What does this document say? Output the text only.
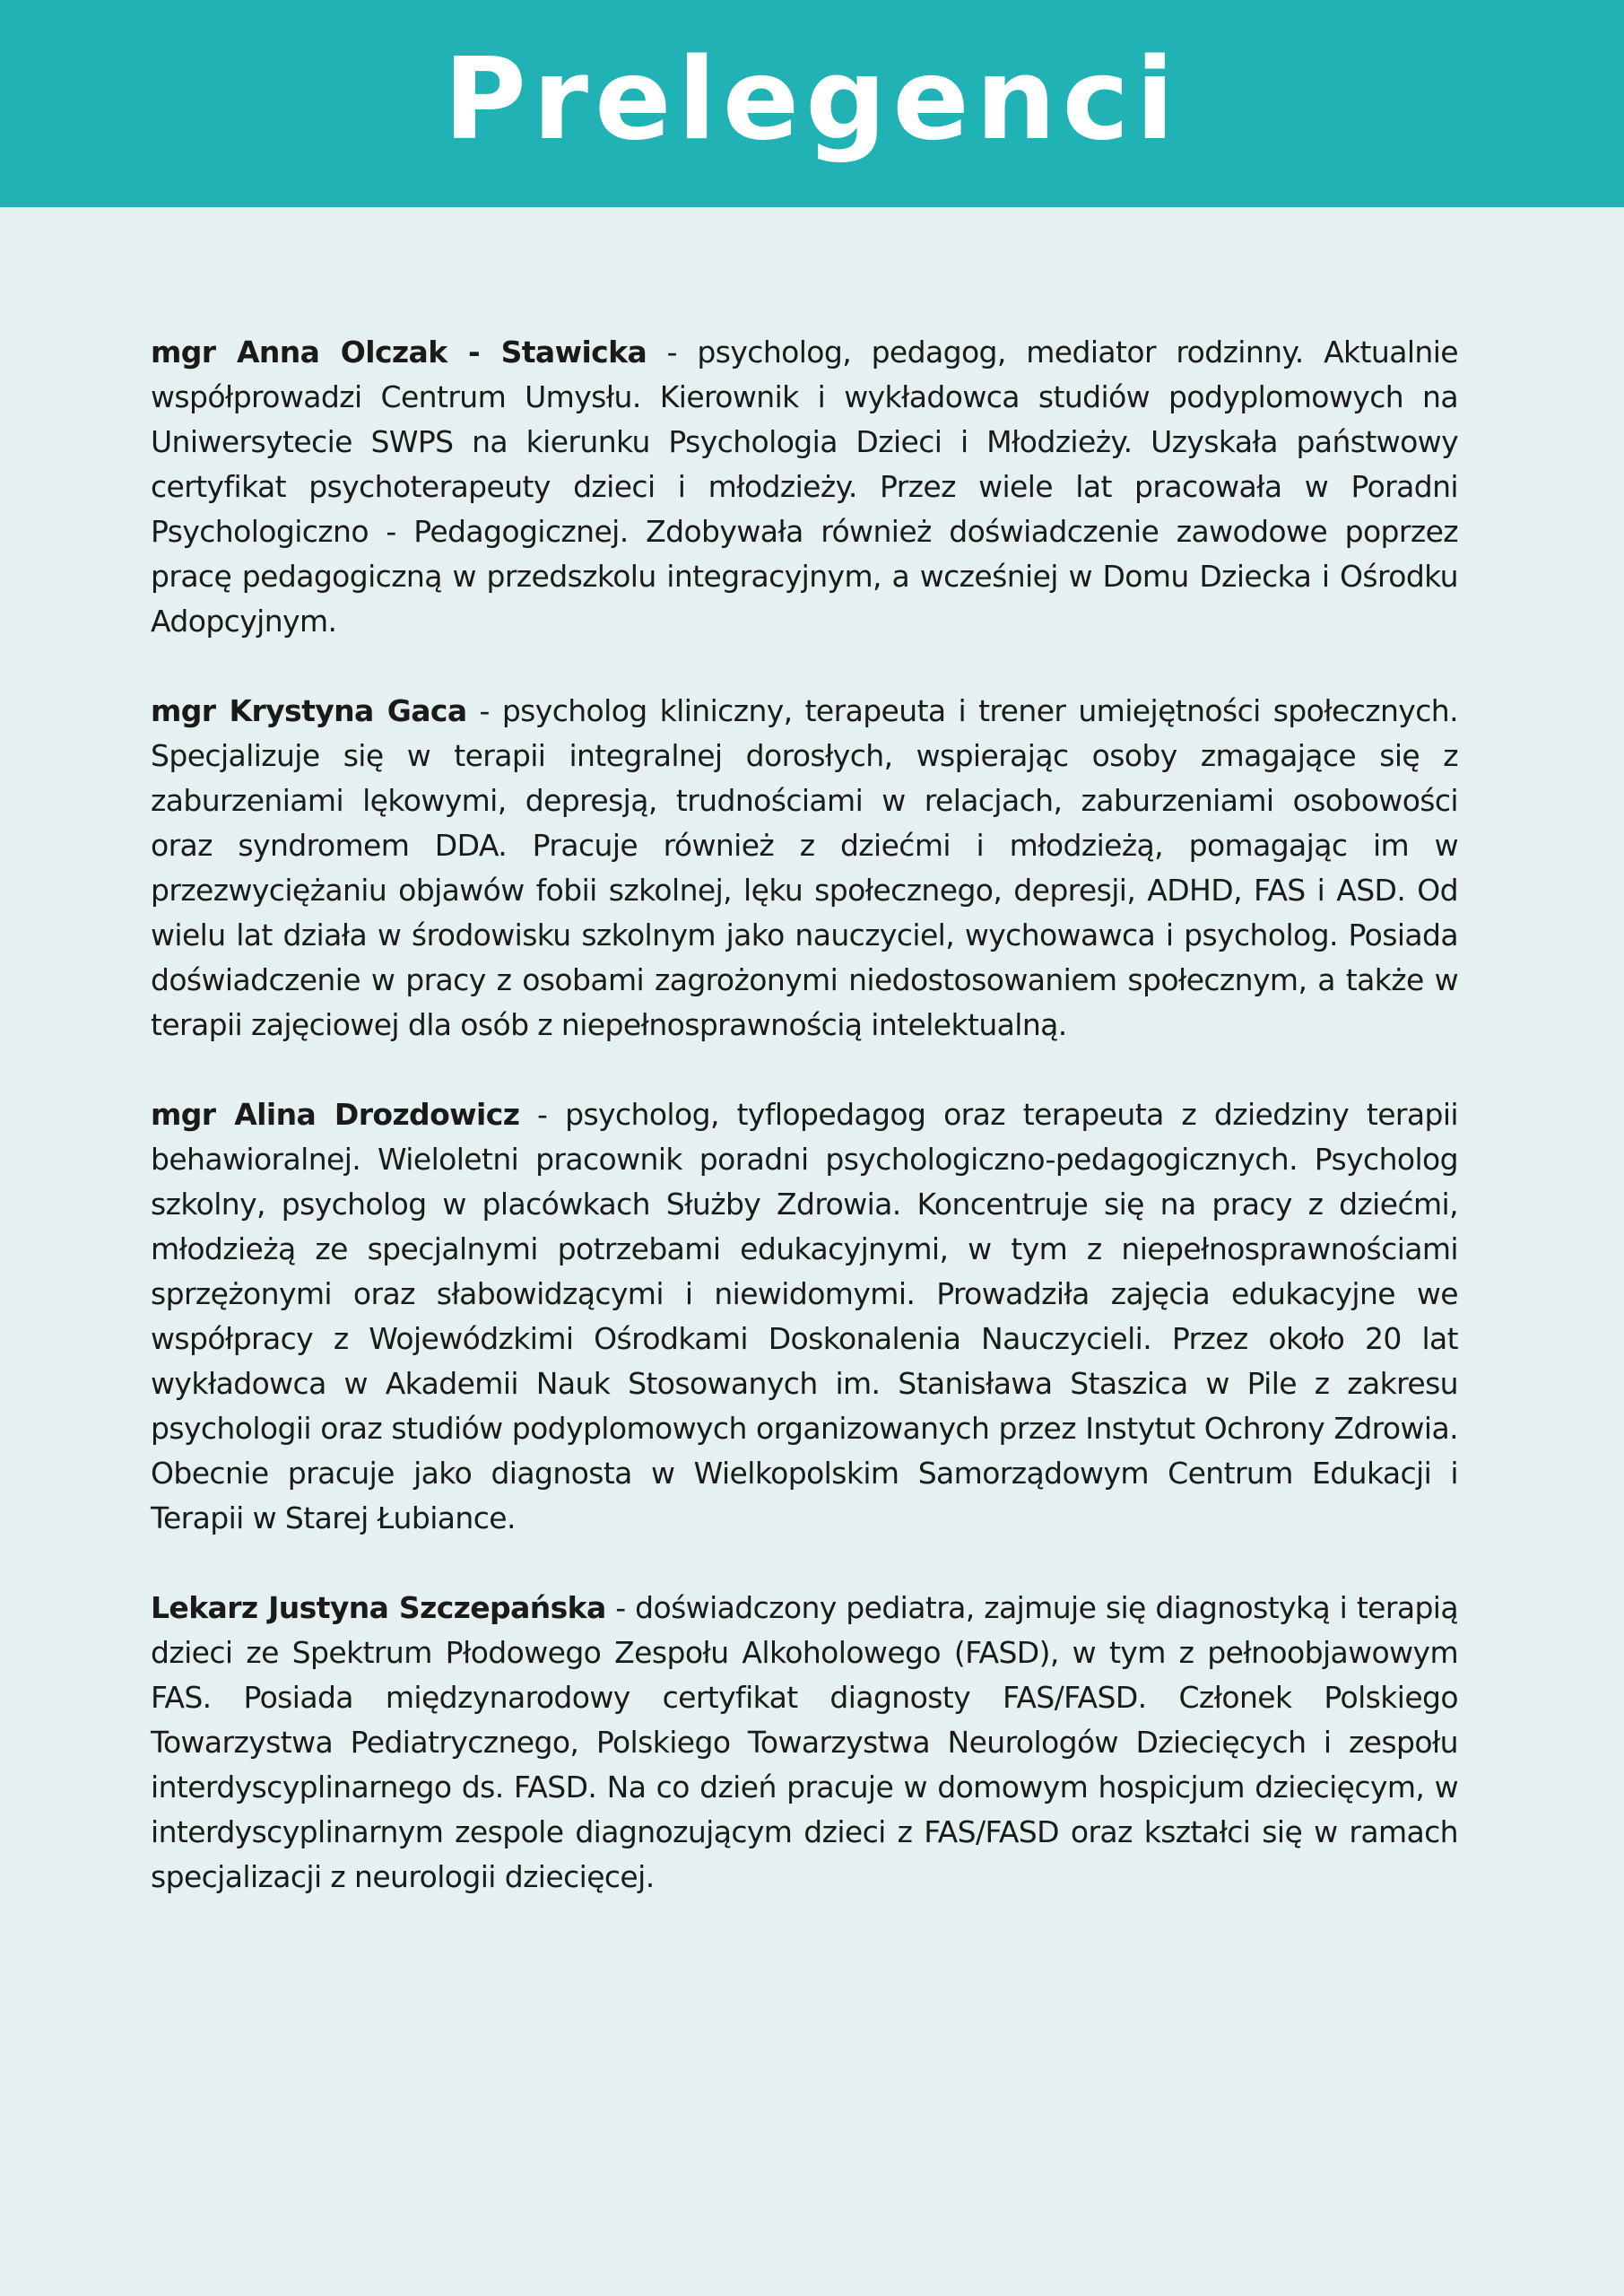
Prelegenci

mgr Anna Olczak - Stawicka - psycholog, pedagog, mediator rodzinny. Aktualnie współprowadzi Centrum Umysłu. Kierownik i wykładowca studiów podyplomowych na Uniwersytecie SWPS na kierunku Psychologia Dzieci i Młodzieży. Uzyskała państwowy certyfikat psychoterapeuty dzieci i młodzieży. Przez wiele lat pracowała w Poradni Psychologiczno - Pedagogicznej. Zdobywała również doświadczenie zawodowe poprzez pracę pedagogiczną w przedszkolu integracyjnym, a wcześniej w Domu Dziecka i Ośrodku Adopcyjnym.

mgr Krystyna Gaca - psycholog kliniczny, terapeuta i trener umiejętności społecznych. Specjalizuje się w terapii integralnej dorosłych, wspierając osoby zmagające się z zaburzeniami lękowymi, depresją, trudnościami w relacjach, zaburzeniami osobowości oraz syndromem DDA. Pracuje również z dziećmi i młodzieżą, pomagając im w przezwyciężaniu objawów fobii szkolnej, lęku społecznego, depresji, ADHD, FAS i ASD. Od wielu lat działa w środowisku szkolnym jako nauczyciel, wychowawca i psycholog. Posiada doświadczenie w pracy z osobami zagrożonymi niedostosowaniem społecznym, a także w terapii zajęciowej dla osób z niepełnosprawnością intelektualną.

mgr Alina Drozdowicz - psycholog, tyflopedagog oraz terapeuta z dziedziny terapii behawioralnej. Wieloletni pracownik poradni psychologiczno-pedagogicznych. Psycholog szkolny, psycholog w placówkach Służby Zdrowia. Koncentruje się na pracy z dziećmi, młodzieżą ze specjalnymi potrzebami edukacyjnymi, w tym z niepełnosprawnościami sprzężonymi oraz słabowidzącymi i niewidomymi. Prowadziła zajęcia edukacyjne we współpracy z Wojewódzkimi Ośrodkami Doskonalenia Nauczycieli. Przez około 20 lat wykładowca w Akademii Nauk Stosowanych im. Stanisława Staszica w Pile z zakresu psychologii oraz studiów podyplomowych organizowanych przez Instytut Ochrony Zdrowia. Obecnie pracuje jako diagnosta w Wielkopolskim Samorządowym Centrum Edukacji i Terapii w Starej Łubiance.

Lekarz Justyna Szczepańska - doświadczony pediatra, zajmuje się diagnostyką i terapią dzieci ze Spektrum Płodowego Zespołu Alkoholowego (FASD), w tym z pełnoobjawowym FAS. Posiada międzynarodowy certyfikat diagnosty FAS/FASD. Członek Polskiego Towarzystwa Pediatrycznego, Polskiego Towarzystwa Neurologów Dziecięcych i zespołu interdyscyplinarnego ds. FASD. Na co dzień pracuje w domowym hospicjum dziecięcym, w interdyscyplinarnym zespole diagnozującym dzieci z FAS/FASD oraz kształci się w ramach specjalizacji z neurologii dziecięcej.
